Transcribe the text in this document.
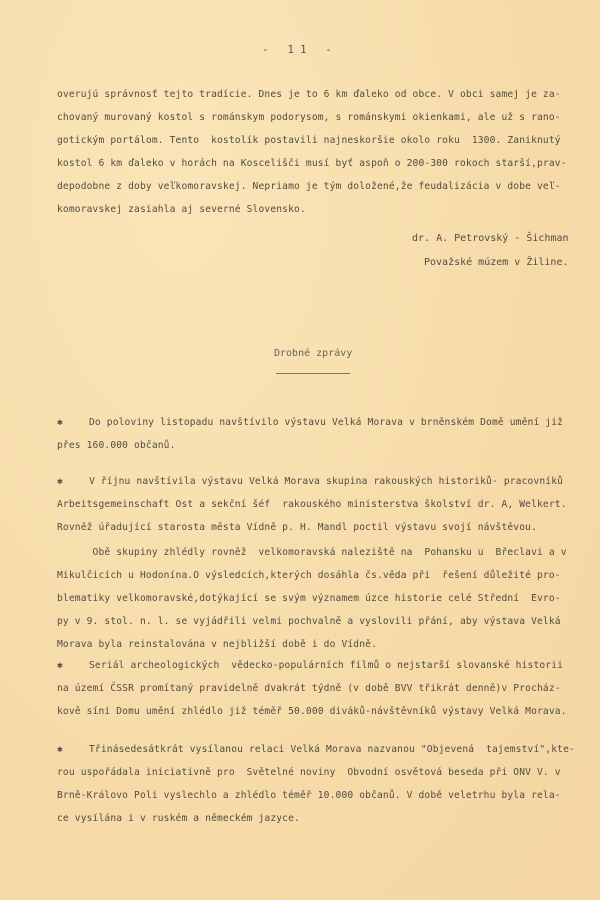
- 11 -
overujú správnosť tejto tradície. Dnes je to 6 km ďaleko od obce. V obci samej je za-
chovaný murovaný kostol s románskym podorysom, s románskymi okienkami, ale už s rano-
gotickým portálom. Tento  kostolík postavili najneskoršie okolo roku  1300. Zaniknutý
kostol 6 km ďaleko v horách na Koscelišči musí byť aspoň o 200-300 rokoch starší,prav-
depodobne z doby veľkomoravskej. Nepriamo je tým doložené,že feudalizácia v dobe veľ-
komoravskej zasiahla aj severné Slovensko.
dr. A. Petrovský - Šichman
Považské múzem v Žiline.
Drobné zprávy
✱	Do poloviny listopadu navštívilo výstavu Velká Morava v brněnském Domě umění již
přes 160.000 občanů.
✱	V říjnu navštívila výstavu Velká Morava skupina rakouských historiků- pracovníků
Arbeitsgemeinschaft Ost a sekční šéf  rakouského ministerstva školství dr. A, Welkert.
Rovněž úřadující starosta města Vídně p. H. Mandl poctil výstavu svojí návštěvou.
Obě skupiny zhlédly rovněž  velkomoravská naleziště na  Pohansku u  Břeclavi a v
Mikulčicích u Hodonína.O výsledcích,kterých dosáhla čs.věda při  řešení důležité pro-
blematiky velkomoravské,dotýkající se svým významem úzce historie celé Střední  Evro-
py v 9. stol. n. l. se vyjádřili velmi pochvalně a vyslovili přání, aby výstava Velká
Morava byla reinstalována v nejbližší době i do Vídně.
✱	Seriál archeologických  vědecko-populárních filmů o nejstarší slovanské historii
na území ČSSR promítaný pravidelně dvakrát týdně (v době BVV třikrát denně)v Procház-
kově síni Domu umění zhlédlo již téměř 50.000 diváků-návštěvníků výstavy Velká Morava.
✱	Třinásedesátkrát vysílanou relaci Velká Morava nazvanou "Objevená  tajemství",kte-
rou uspořádala iniciativně pro  Světelné noviny  Obvodní osvětová beseda při ONV V. v
Brně-Královo Poli vyslechlo a zhlédlo téměř 10.000 občanů. V době veletrhu byla rela-
ce vysílána i v ruském a německém jazyce.
